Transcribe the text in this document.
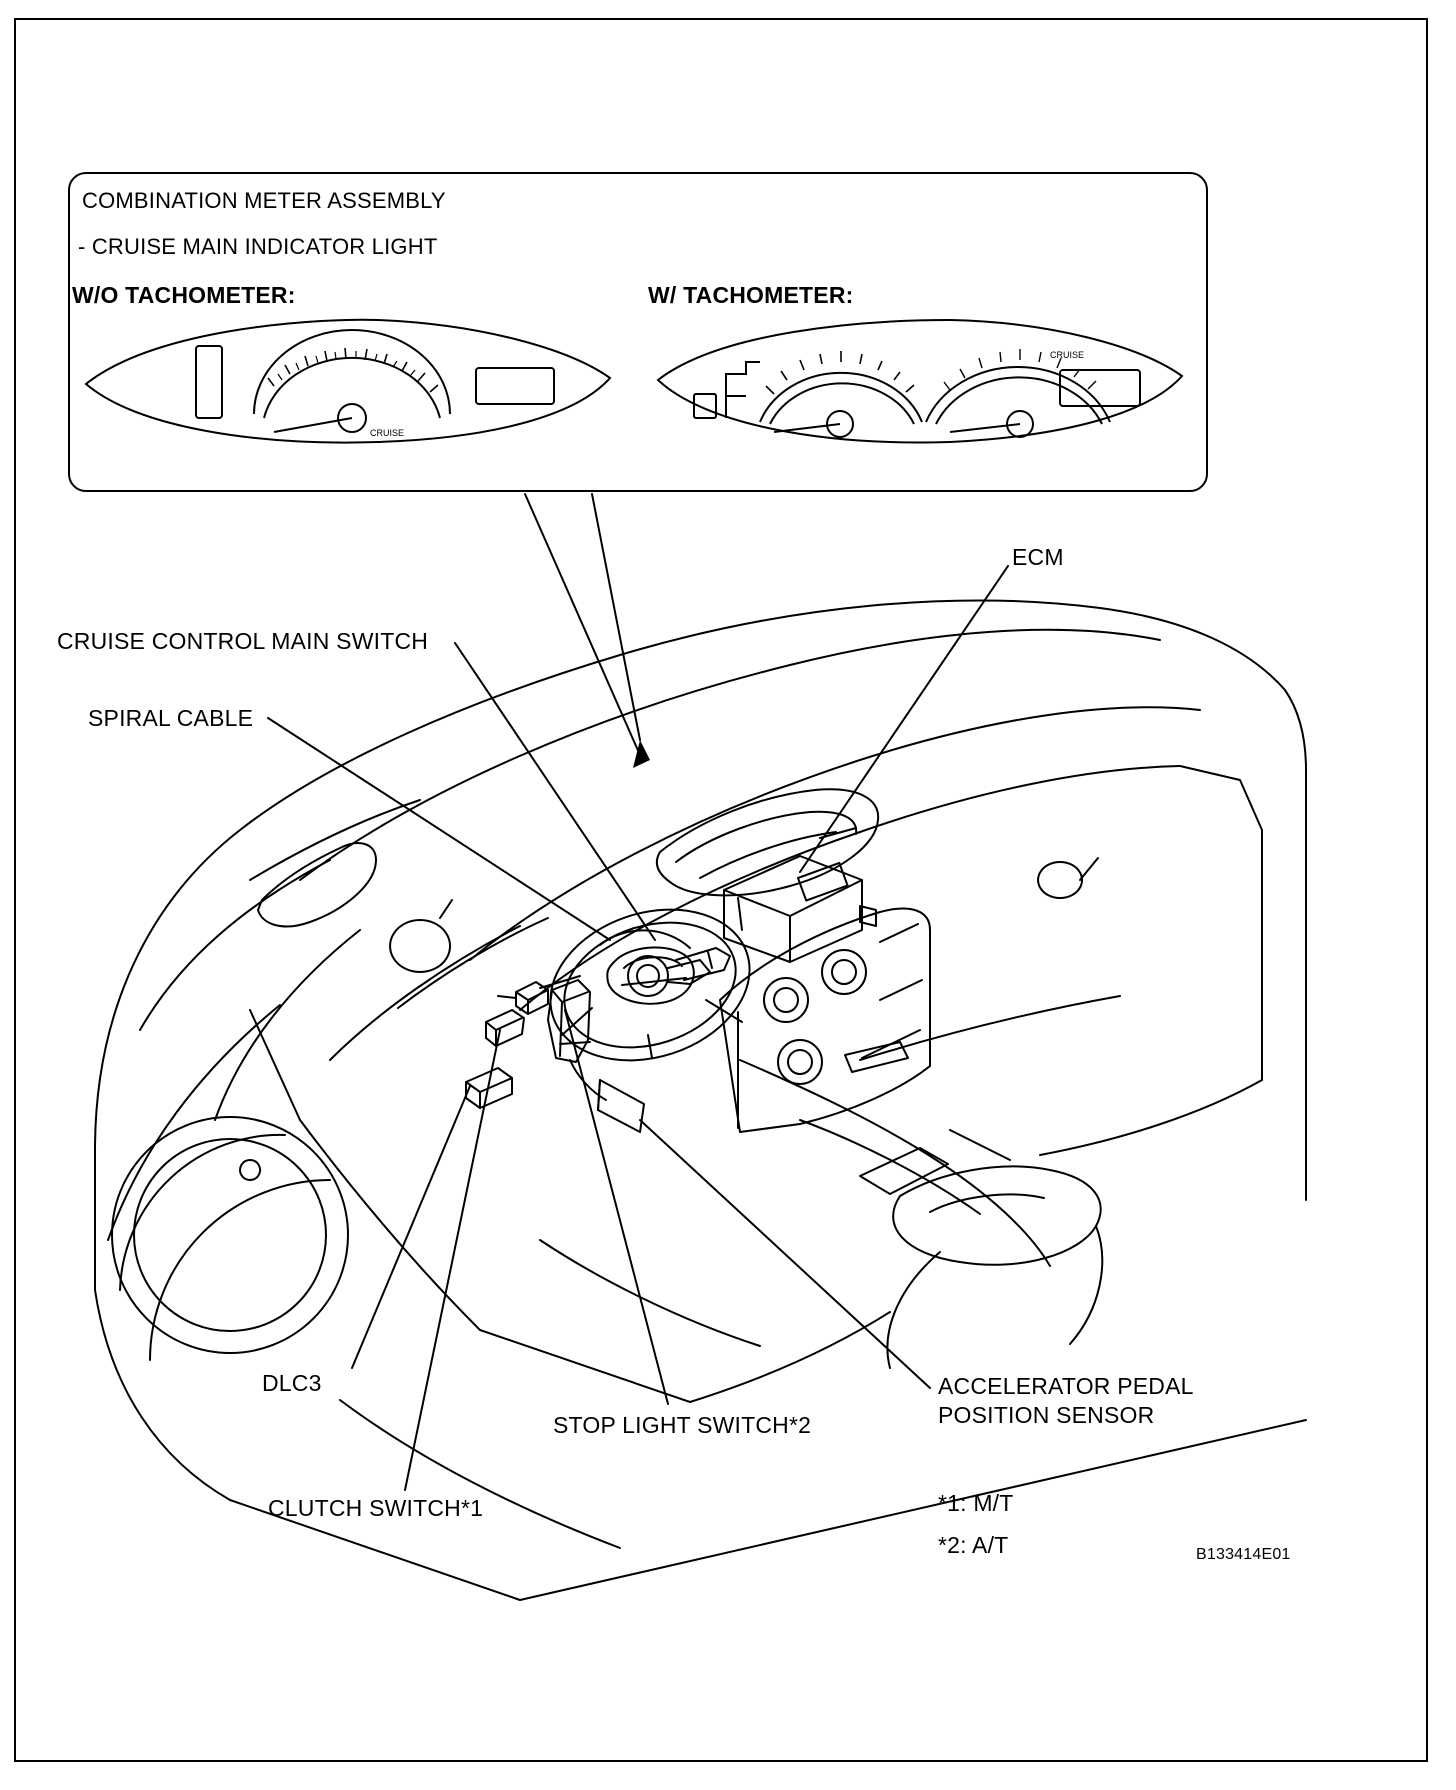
COMBINATION METER ASSEMBLY
- CRUISE MAIN INDICATOR LIGHT
W/O TACHOMETER:	W/ TACHOMETER:
CRUISE
CRUISE
ECM
CRUISE CONTROL MAIN SWITCH
SPIRAL CABLE
DLC3
CLUTCH SWITCH*1
STOP LIGHT SWITCH*2
ACCELERATOR PEDAL POSITION SENSOR
*1: M/T
*2: A/T	B133414E01
